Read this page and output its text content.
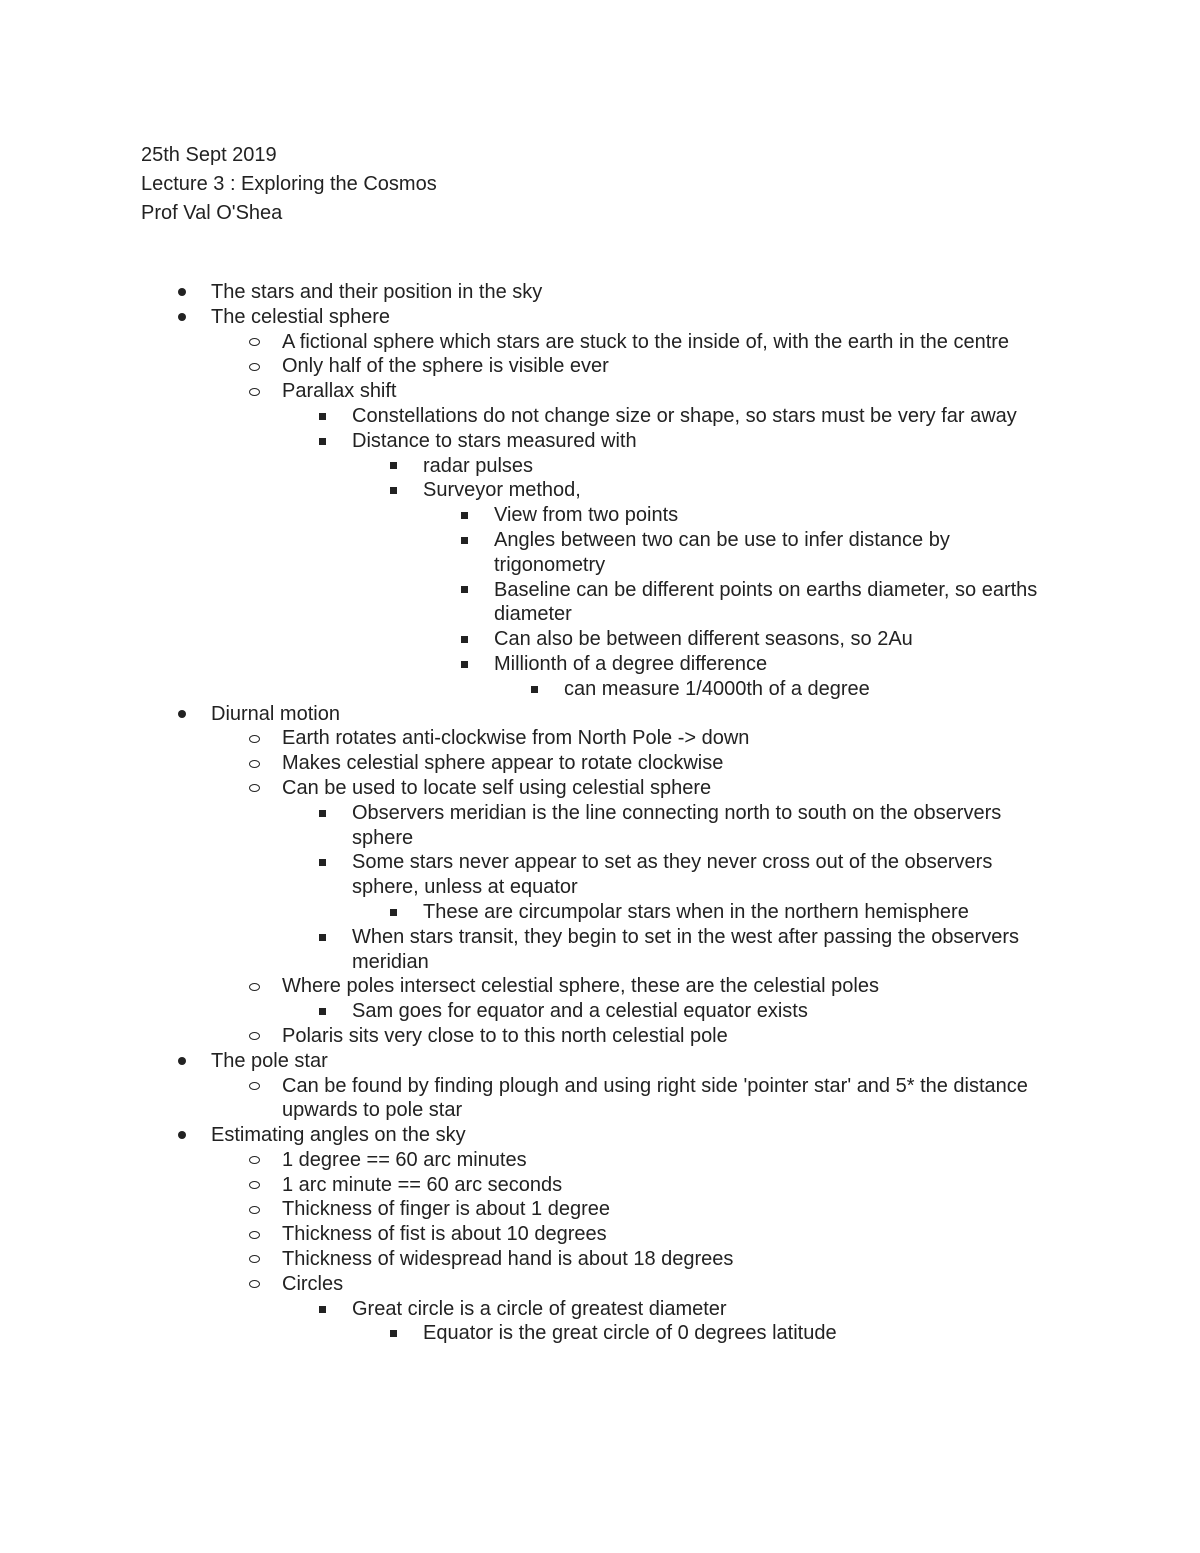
25th Sept 2019
Lecture 3 : Exploring the Cosmos
Prof Val O'Shea
The stars and their position in the sky
The celestial sphere
A fictional sphere which stars are stuck to the inside of, with the earth in the centre
Only half of the sphere is visible ever
Parallax shift
Constellations do not change size or shape, so stars must be very far away
Distance to stars measured with
radar pulses
Surveyor method,
View from two points
Angles between two can be use to infer distance by trigonometry
Baseline can be different points on earths diameter, so earths diameter
Can also be between different seasons, so 2Au
Millionth of a degree difference
can measure 1/4000th of a degree
Diurnal motion
Earth rotates anti-clockwise from North Pole -> down
Makes celestial sphere appear to rotate clockwise
Can be used to locate self using celestial sphere
Observers meridian is the line connecting north to south on the observers sphere
Some stars never appear to set as they never cross out of the observers sphere, unless at equator
These are circumpolar stars when in the northern hemisphere
When stars transit, they begin to set in the west after passing the observers meridian
Where poles intersect celestial sphere, these are the celestial poles
Sam goes for equator and a celestial equator exists
Polaris sits very close to to this north celestial pole
The pole star
Can be found by finding plough and using right side 'pointer star' and 5* the distance upwards to pole star
Estimating angles on the sky
1 degree == 60 arc minutes
1 arc minute == 60 arc seconds
Thickness of finger is about 1 degree
Thickness of fist is about 10 degrees
Thickness of widespread hand is about 18 degrees
Circles
Great circle is a circle of greatest diameter
Equator is the great circle of 0 degrees latitude
